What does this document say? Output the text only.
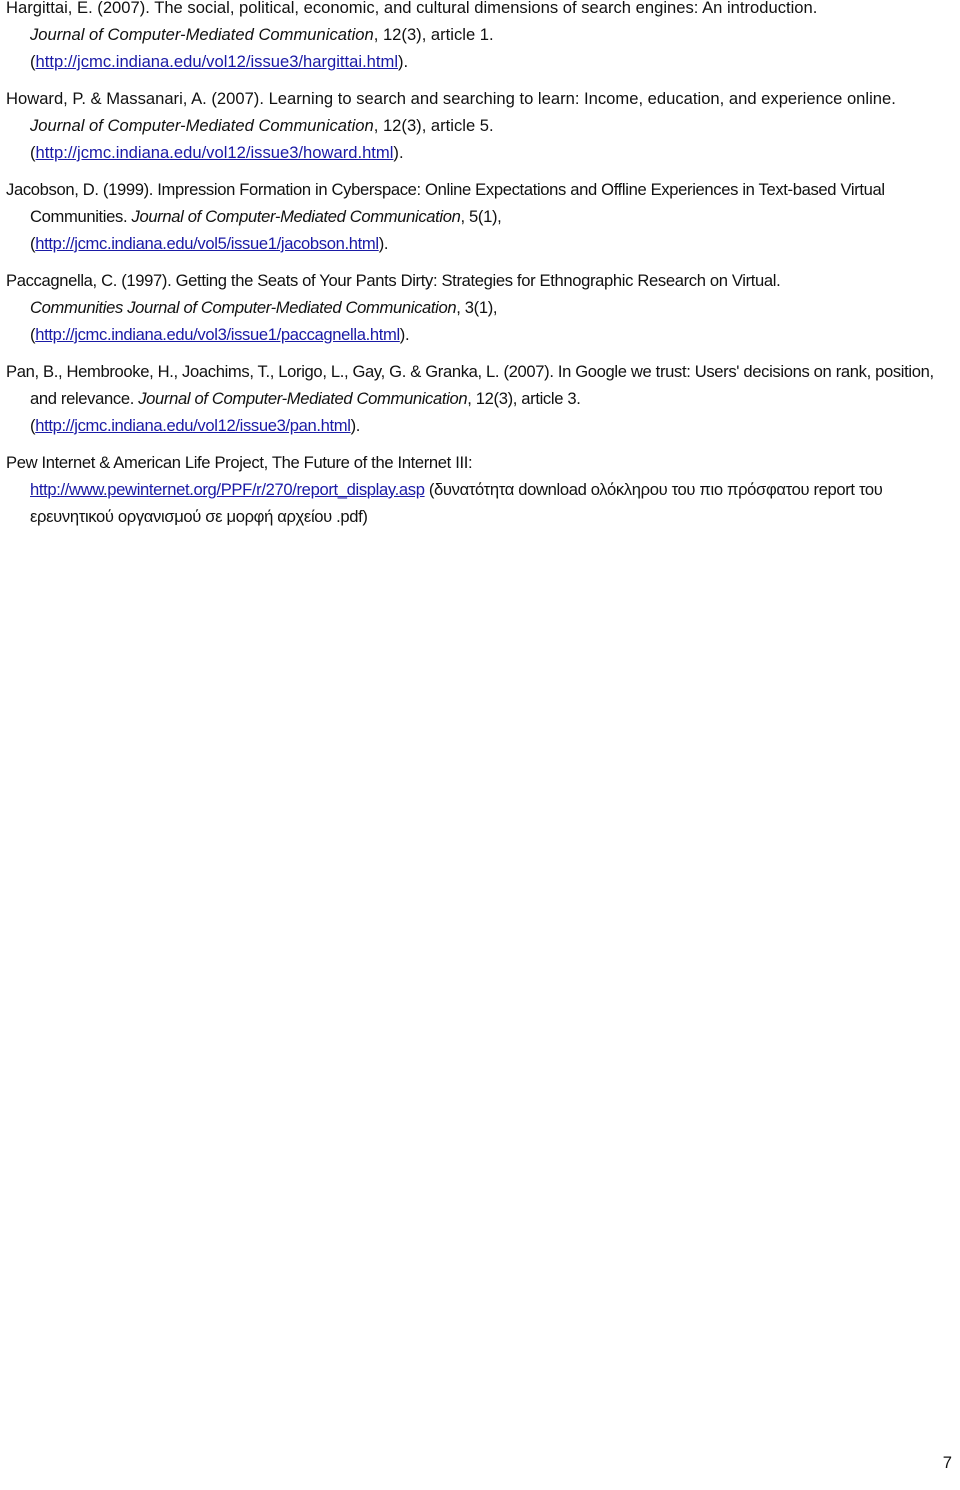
Hargittai, E. (2007). The social, political, economic, and cultural dimensions of search engines: An introduction.
Journal of Computer-Mediated Communication, 12(3), article 1.
(http://jcmc.indiana.edu/vol12/issue3/hargittai.html).
Howard, P. & Massanari, A. (2007). Learning to search and searching to learn: Income, education, and experience online. Journal of Computer-Mediated Communication, 12(3), article 5.
(http://jcmc.indiana.edu/vol12/issue3/howard.html).
Jacobson, D. (1999). Impression Formation in Cyberspace: Online Expectations and Offline Experiences in Text-based Virtual Communities. Journal of Computer-Mediated Communication, 5(1),
(http://jcmc.indiana.edu/vol5/issue1/jacobson.html).
Paccagnella, C. (1997). Getting the Seats of Your Pants Dirty: Strategies for Ethnographic Research on Virtual.
Communities Journal of Computer-Mediated Communication, 3(1),
(http://jcmc.indiana.edu/vol3/issue1/paccagnella.html).
Pan, B., Hembrooke, H., Joachims, T., Lorigo, L., Gay, G. & Granka, L. (2007). In Google we trust: Users' decisions on rank, position, and relevance. Journal of Computer-Mediated Communication, 12(3), article 3.
(http://jcmc.indiana.edu/vol12/issue3/pan.html).
Pew Internet & American Life Project, The Future of the Internet III:
http://www.pewinternet.org/PPF/r/270/report_display.asp (δυνατότητα download ολόκληρου του πιο πρόσφατου report του ερευνητικού οργανισμού σε μορφή αρχείου .pdf)
7
